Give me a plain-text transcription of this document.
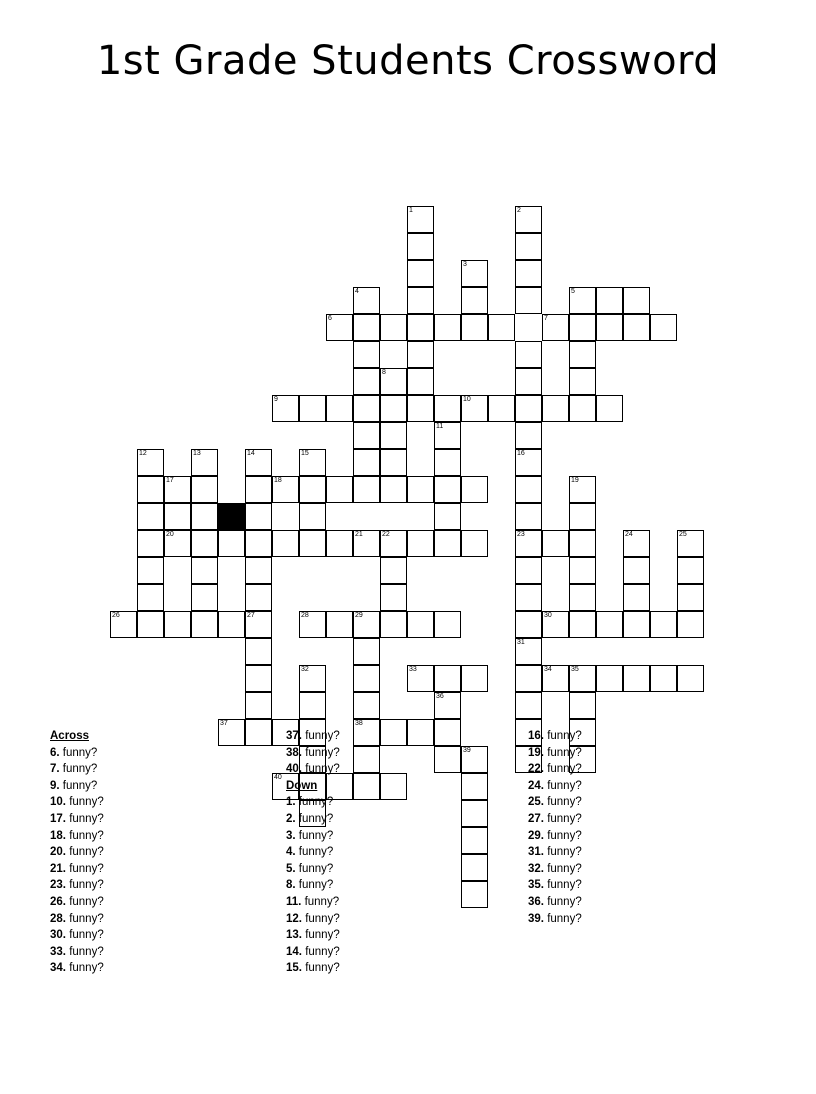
1st Grade Students Crossword
1	2
3
4	5
6	7
8
9	10
11
12	13	14	15	16
17	18	19
20	21	22	23	24	25
26	27	28	29	30
31
32	33	34	35
36
37	38
39
40
Across
6. funny?
7. funny?
9. funny?
10. funny?
17. funny?
18. funny?
20. funny?
21. funny?
23. funny?
26. funny?
28. funny?
30. funny?
33. funny?
34. funny?
37. funny?
38. funny?
40. funny?
Down
1. funny?
2. funny?
3. funny?
4. funny?
5. funny?
8. funny?
11. funny?
12. funny?
13. funny?
14. funny?
15. funny?
16. funny?
19. funny?
22. funny?
24. funny?
25. funny?
27. funny?
29. funny?
31. funny?
32. funny?
35. funny?
36. funny?
39. funny?
